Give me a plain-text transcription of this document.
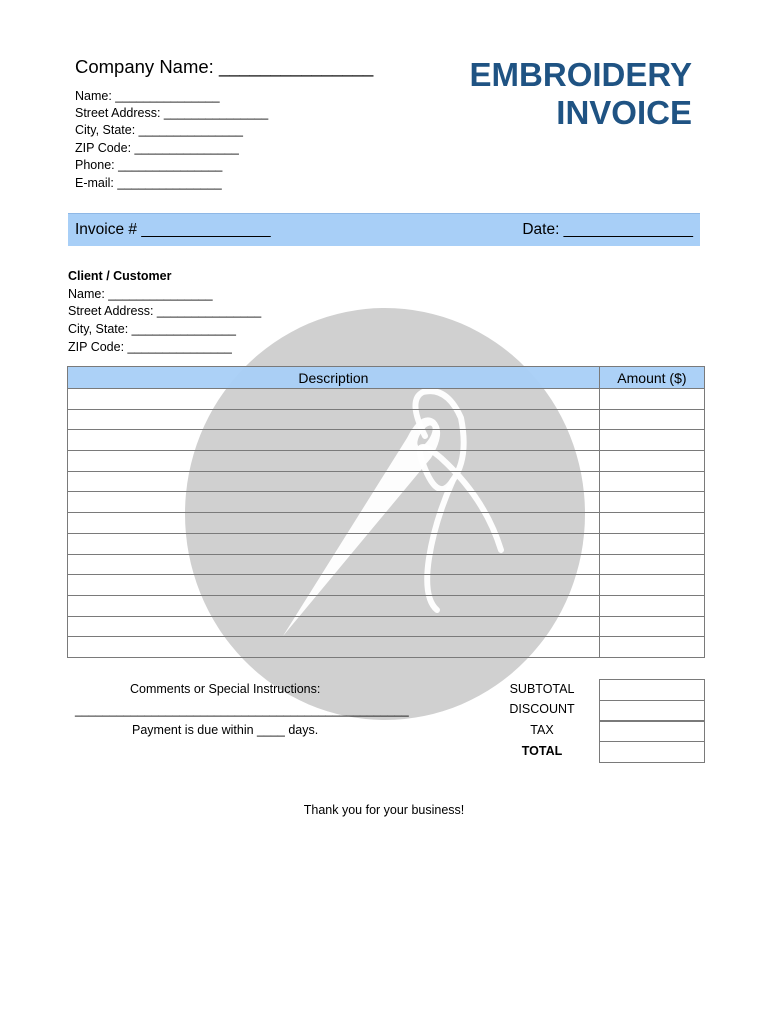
Company Name: _______________
Name: _______________
Street Address: _______________
City, State: _______________
ZIP Code: _______________
Phone: _______________
E-mail: _______________
EMBROIDERY
INVOICE
Invoice # _______________	Date: _______________
Client / Customer
Name: _______________
Street Address: _______________
City, State: _______________
ZIP Code: _______________
Description	Amount ($)

Comments or Special Instructions:
________________________________________________
Payment is due within ____ days.
SUBTOTAL
DISCOUNT
TAX
TOTAL
Thank you for your business!
